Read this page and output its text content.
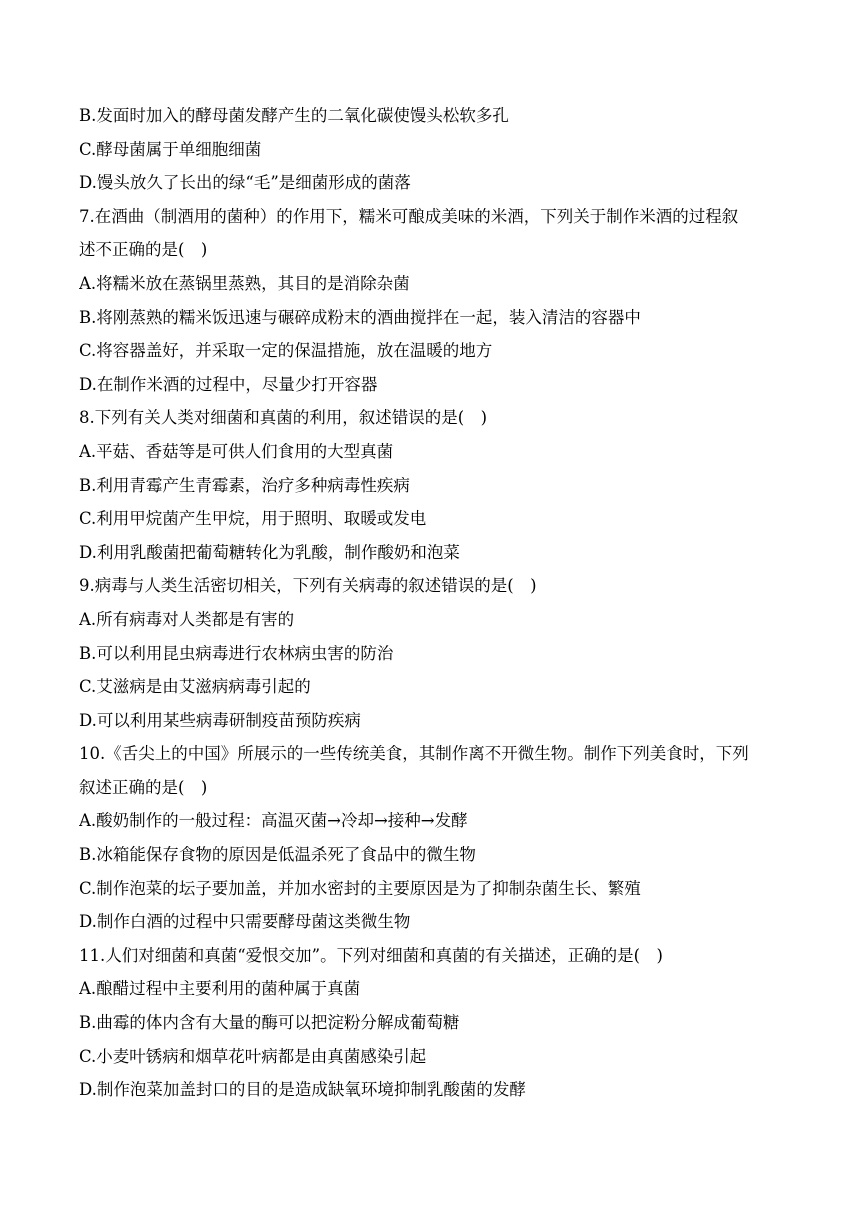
B.发面时加入的酵母菌发酵产生的二氧化碳使馒头松软多孔
C.酵母菌属于单细胞细菌
D.馒头放久了长出的绿“毛”是细菌形成的菌落
7.在酒曲（制酒用的菌种）的作用下，糯米可酿成美味的米酒，下列关于制作米酒的过程叙
述不正确的是(　)
A.将糯米放在蒸锅里蒸熟，其目的是消除杂菌
B.将刚蒸熟的糯米饭迅速与碾碎成粉末的酒曲搅拌在一起，装入清洁的容器中
C.将容器盖好，并采取一定的保温措施，放在温暖的地方
D.在制作米酒的过程中，尽量少打开容器
8.下列有关人类对细菌和真菌的利用，叙述错误的是(　)
A.平菇、香菇等是可供人们食用的大型真菌
B.利用青霉产生青霉素，治疗多种病毒性疾病
C.利用甲烷菌产生甲烷，用于照明、取暖或发电
D.利用乳酸菌把葡萄糖转化为乳酸，制作酸奶和泡菜
9.病毒与人类生活密切相关，下列有关病毒的叙述错误的是(　)
A.所有病毒对人类都是有害的
B.可以利用昆虫病毒进行农林病虫害的防治
C.艾滋病是由艾滋病病毒引起的
D.可以利用某些病毒研制疫苗预防疾病
10.《舌尖上的中国》所展示的一些传统美食，其制作离不开微生物。制作下列美食时，下列
叙述正确的是(　)
A.酸奶制作的一般过程：高温灭菌→冷却→接种→发酵
B.冰箱能保存食物的原因是低温杀死了食品中的微生物
C.制作泡菜的坛子要加盖，并加水密封的主要原因是为了抑制杂菌生长、繁殖
D.制作白酒的过程中只需要酵母菌这类微生物
11.人们对细菌和真菌“爱恨交加”。下列对细菌和真菌的有关描述，正确的是(　)
A.酿醋过程中主要利用的菌种属于真菌
B.曲霉的体内含有大量的酶可以把淀粉分解成葡萄糖
C.小麦叶锈病和烟草花叶病都是由真菌感染引起
D.制作泡菜加盖封口的目的是造成缺氧环境抑制乳酸菌的发酵
